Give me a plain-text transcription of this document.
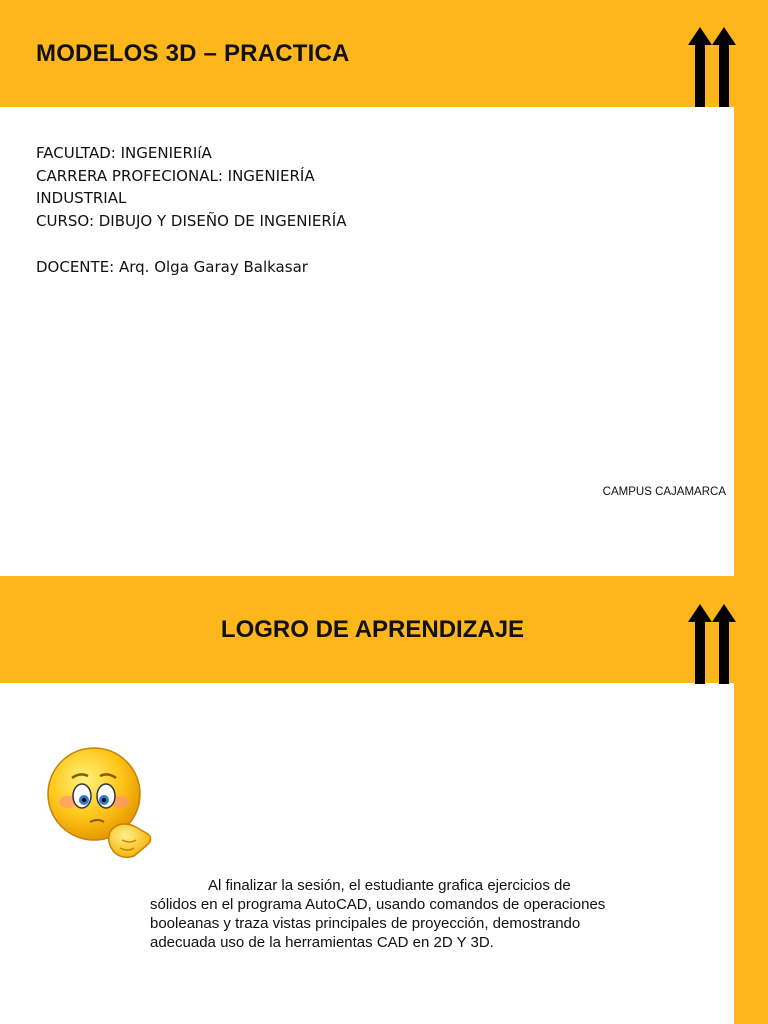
MODELOS 3D – PRACTICA
FACULTAD: INGENIERIíA
CARRERA PROFECIONAL: INGENIERÍA
INDUSTRIAL
CURSO: DIBUJO Y DISEÑO DE INGENIERÍA
DOCENTE: Arq. Olga Garay Balkasar
CAMPUS CAJAMARCA
LOGRO DE APRENDIZAJE
Al finalizar la sesión, el estudiante grafica ejercicios de
sólidos en el programa AutoCAD, usando comandos de operaciones
booleanas y traza vistas principales de proyección, demostrando
adecuada uso de la herramientas CAD en 2D Y 3D.
